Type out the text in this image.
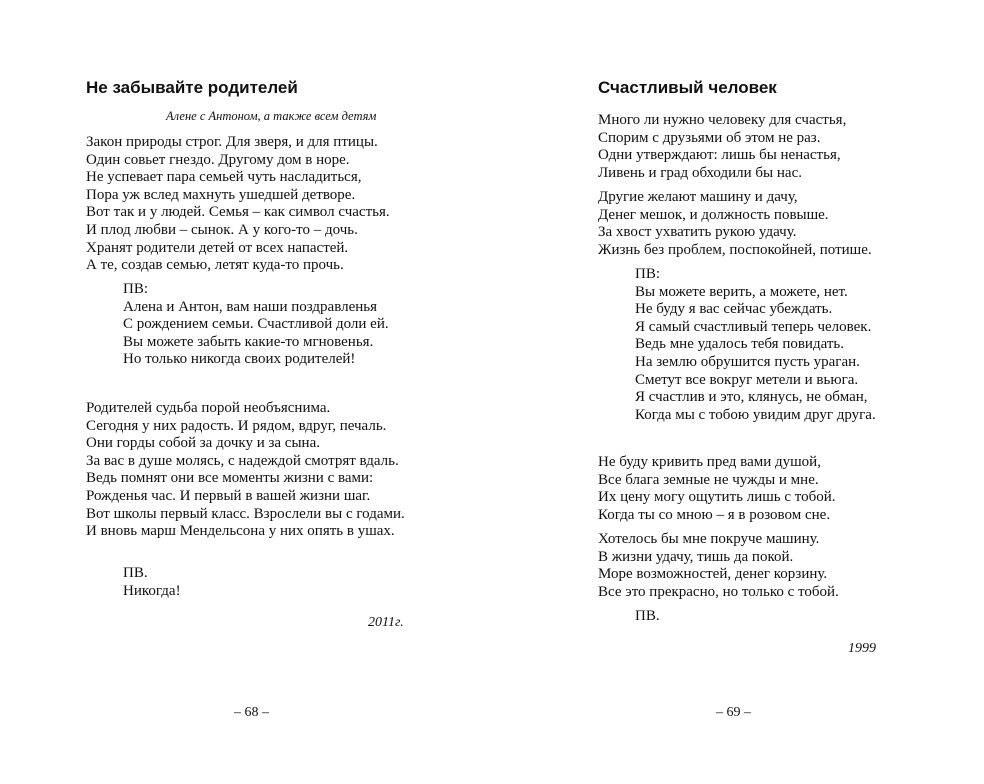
Не забывайте родителей
Алене с Антоном, а также всем детям
Закон природы строг. Для зверя, и для птицы.
Один совьет гнездо. Другому дом в норе.
Не успевает пара семьей чуть насладиться,
Пора уж вслед махнуть ушедшей детворе.
Вот так и у людей. Семья – как символ счастья.
И плод любви – сынок. А у кого-то – дочь.
Хранят родители детей от всех напастей.
А те, создав семью, летят куда-то прочь.
ПВ:
Алена и Антон, вам наши поздравленья
С рождением семьи. Счастливой доли ей.
Вы можете забыть какие-то мгновенья.
Но только никогда своих родителей!
Родителей судьба порой необъяснима.
Сегодня у них радость. И рядом, вдруг, печаль.
Они горды собой за дочку и за сына.
За вас в душе молясь, с надеждой смотрят вдаль.
Ведь помнят они все моменты жизни с вами:
Рожденья час. И первый в вашей жизни шаг.
Вот школы первый класс. Взрослели вы с годами.
И вновь марш Мендельсона у них опять в ушах.
ПВ.
Никогда!
2011г.
– 68 –
Счастливый человек
Много ли нужно человеку для счастья,
Спорим с друзьями об этом не раз.
Одни утверждают: лишь бы ненастья,
Ливень и град обходили бы нас.
Другие желают машину и дачу,
Денег мешок, и должность повыше.
За хвост ухватить рукою удачу.
Жизнь без проблем, поспокойней, потише.
ПВ:
Вы можете верить, а можете, нет.
Не буду я вас сейчас убеждать.
Я самый счастливый теперь человек.
Ведь мне удалось тебя повидать.
На землю обрушится пусть ураган.
Сметут все вокруг метели и вьюга.
Я счастлив и это, клянусь, не обман,
Когда мы с тобою увидим друг друга.
Не буду кривить пред вами душой,
Все блага земные не чужды и мне.
Их цену могу ощутить лишь с тобой.
Когда ты со мною – я в розовом сне.
Хотелось бы мне покруче машину.
В жизни удачу, тишь да покой.
Море возможностей, денег корзину.
Все это прекрасно, но только с тобой.
ПВ.
1999
– 69 –
